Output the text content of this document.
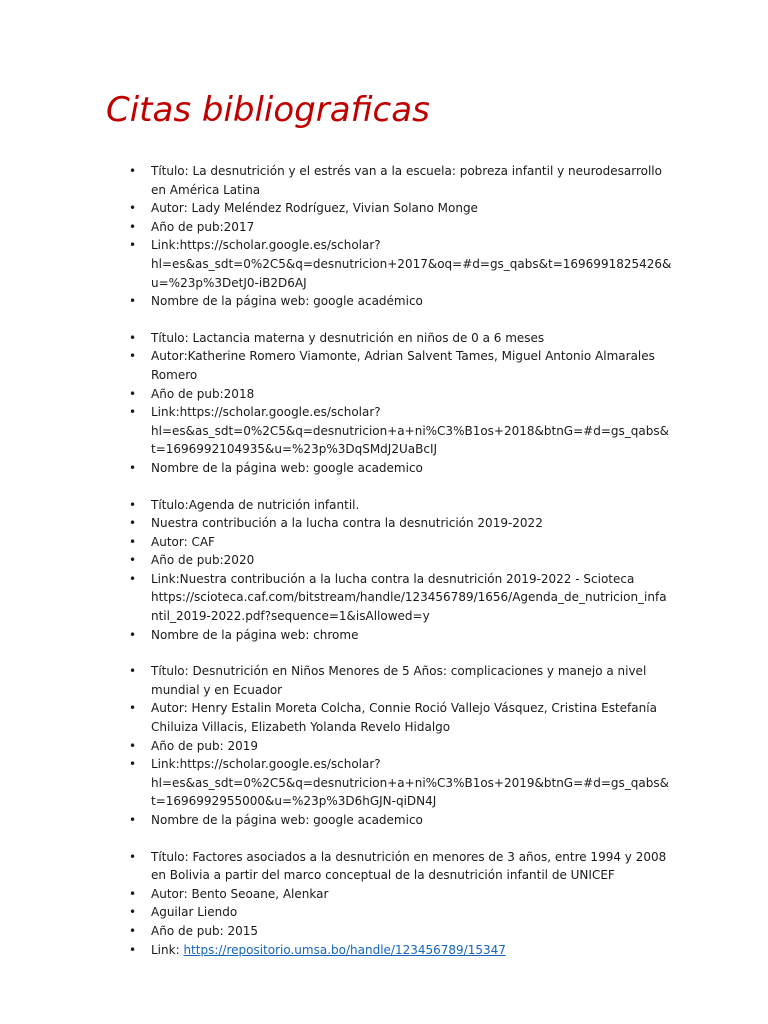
Citas bibliograficas
• Título: La desnutrición y el estrés van a la escuela: pobreza infantil y neurodesarrollo en América Latina
• Autor: Lady Meléndez Rodríguez, Vivian Solano Monge
• Año de pub:2017
• Link:https://scholar.google.es/scholar?hl=es&as_sdt=0%2C5&q=desnutricion+2017&oq=#d=gs_qabs&t=1696991825426&u=%23p%3DetJ0-iB2D6AJ
• Nombre de la página web: google académico
• Título: Lactancia materna y desnutrición en niños de 0 a 6 meses
• Autor:Katherine Romero Viamonte, Adrian Salvent Tames, Miguel Antonio Almarales Romero
• Año de pub:2018
• Link:https://scholar.google.es/scholar?hl=es&as_sdt=0%2C5&q=desnutricion+a+ni%C3%B1os+2018&btnG=#d=gs_qabs&t=1696992104935&u=%23p%3DqSMdJ2UaBcIJ
• Nombre de la página web: google academico
• Título:Agenda de nutrición infantil.
• Nuestra contribución a la lucha contra la desnutrición 2019-2022
• Autor: CAF
• Año de pub:2020
• Link:Nuestra contribución a la lucha contra la desnutrición 2019-2022 - Scioteca https://scioteca.caf.com/bitstream/handle/123456789/1656/Agenda_de_nutricion_infantil_2019-2022.pdf?sequence=1&isAllowed=y
• Nombre de la página web: chrome
• Título: Desnutrición en Niños Menores de 5 Años: complicaciones y manejo a nivel mundial y en Ecuador
• Autor: Henry Estalin Moreta Colcha, Connie Roció Vallejo Vásquez, Cristina Estefanía Chiluiza Villacis, Elizabeth Yolanda Revelo Hidalgo
• Año de pub: 2019
• Link:https://scholar.google.es/scholar?hl=es&as_sdt=0%2C5&q=desnutricion+a+ni%C3%B1os+2019&btnG=#d=gs_qabs&t=1696992955000&u=%23p%3D6hGJN-qiDN4J
• Nombre de la página web: google academico
• Título: Factores asociados a la desnutrición en menores de 3 años, entre 1994 y 2008 en Bolivia a partir del marco conceptual de la desnutrición infantil de UNICEF
• Autor: Bento Seoane, Alenkar
• Aguilar Liendo
• Año de pub: 2015
• Link: https://repositorio.umsa.bo/handle/123456789/15347
